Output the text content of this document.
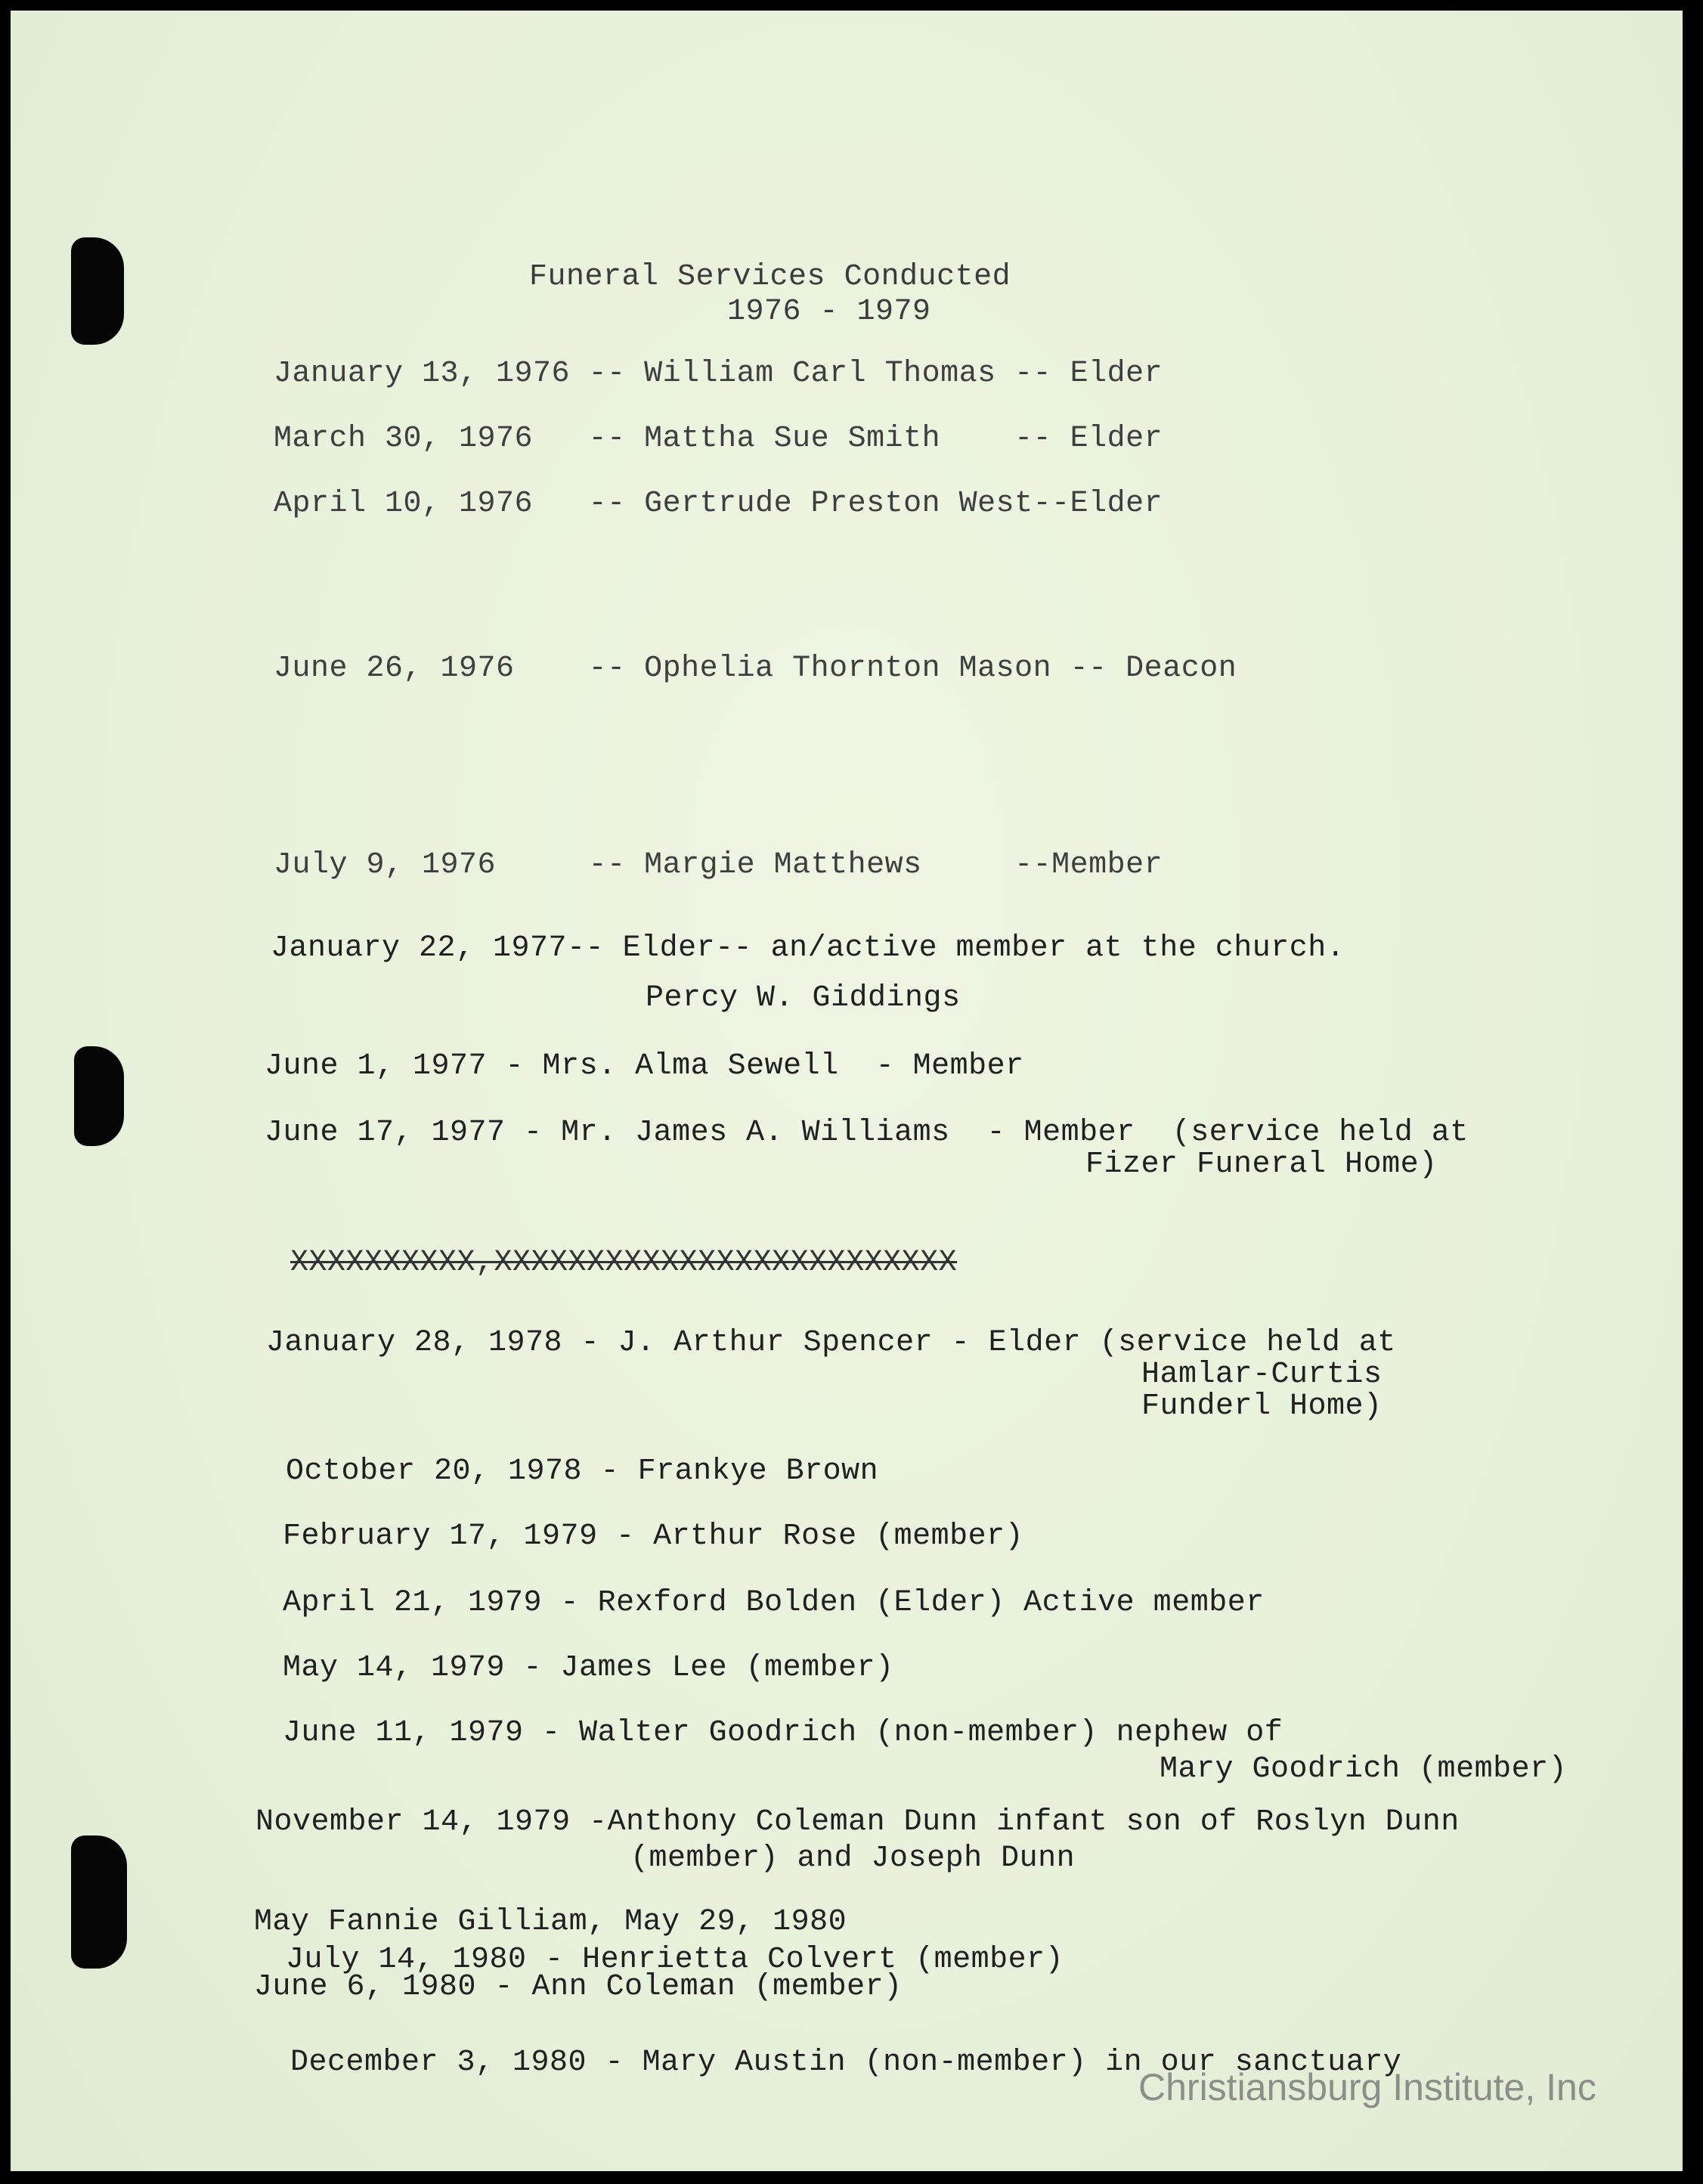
Funeral Services Conducted
1976 - 1979
January 13, 1976 -- William Carl Thomas -- Elder
March 30, 1976   -- Mattha Sue Smith    -- Elder
April 10, 1976   -- Gertrude Preston West--Elder
June 26, 1976    -- Ophelia Thornton Mason -- Deacon
July 9, 1976     -- Margie Matthews     --Member
January 22, 1977-- Elder-- an/active member at the church.
Percy W. Giddings
June 1, 1977 - Mrs. Alma Sewell  - Member
June 17, 1977 - Mr. James A. Williams  - Member  (service held at
Fizer Funeral Home)
XXXXXXXXXX,XXXXXXXXXXXXXXXXXXXXXXXXX
January 28, 1978 - J. Arthur Spencer - Elder (service held at
Hamlar-Curtis
Funderl Home)
October 20, 1978 - Frankye Brown
February 17, 1979 - Arthur Rose (member)
April 21, 1979 - Rexford Bolden (Elder) Active member
May 14, 1979 - James Lee (member)
June 11, 1979 - Walter Goodrich (non-member) nephew of
Mary Goodrich (member)
November 14, 1979 -Anthony Coleman Dunn infant son of Roslyn Dunn
(member) and Joseph Dunn
May Fannie Gilliam, May 29, 1980
July 14, 1980 - Henrietta Colvert (member)
June 6, 1980 - Ann Coleman (member)
December 3, 1980 - Mary Austin (non-member) in our sanctuary
Christiansburg Institute, Inc
